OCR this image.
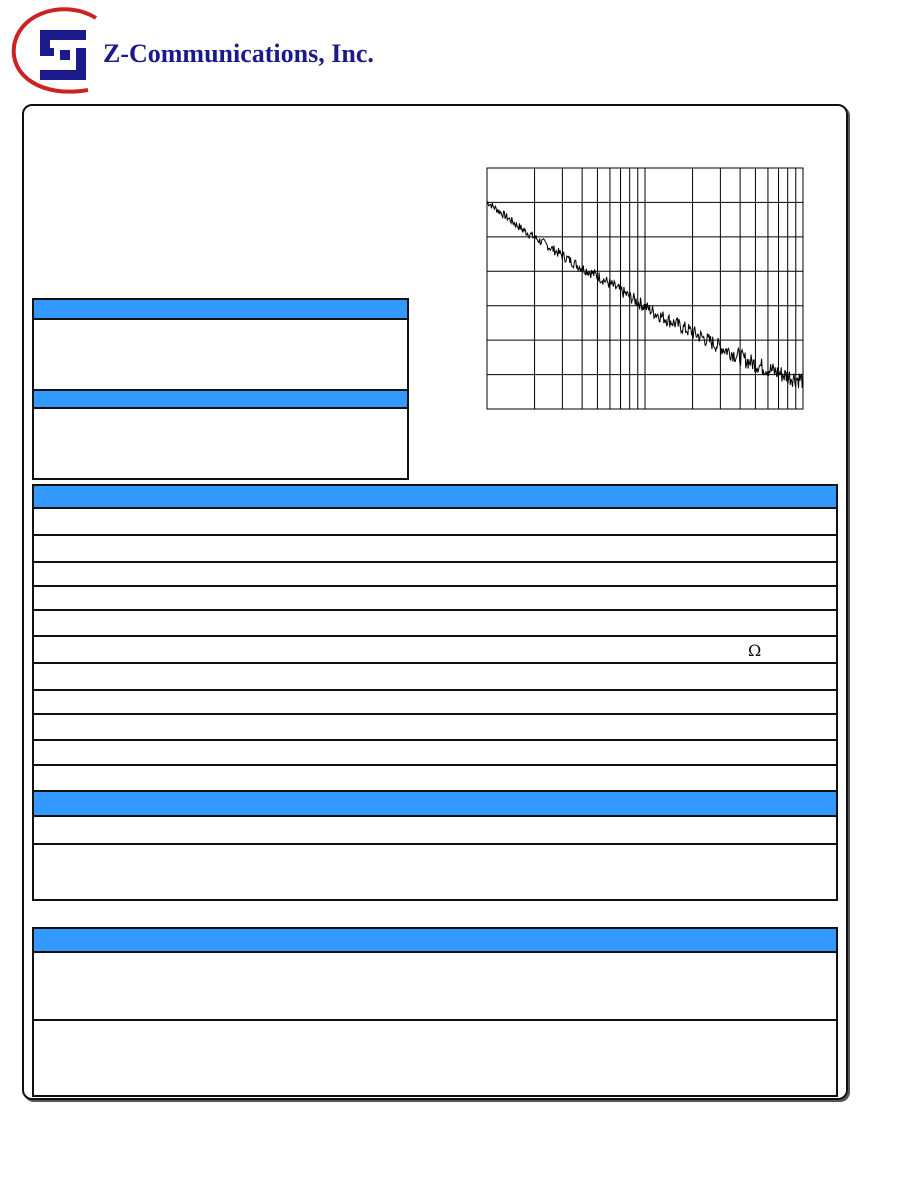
Z-Communications, Inc.
Ω
